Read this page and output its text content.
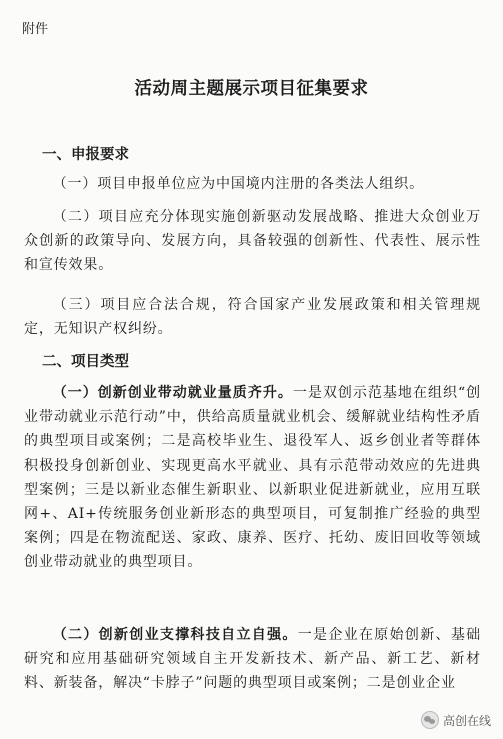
附件
活动周主题展示项目征集要求
一、申报要求
（一）项目申报单位应为中国境内注册的各类法人组织。
（二）项目应充分体现实施创新驱动发展战略、推进大众创业万众创新的政策导向、发展方向，具备较强的创新性、代表性、展示性和宣传效果。
（三）项目应合法合规，符合国家产业发展政策和相关管理规定，无知识产权纠纷。
二、项目类型
（一）创新创业带动就业量质齐升。一是双创示范基地在组织“创业带动就业示范行动”中，供给高质量就业机会、缓解就业结构性矛盾的典型项目或案例；二是高校毕业生、退役军人、返乡创业者等群体积极投身创新创业、实现更高水平就业、具有示范带动效应的先进典型案例；三是以新业态催生新职业、以新职业促进新就业，应用互联网+、AI+传统服务创业新形态的典型项目，可复制推广经验的典型案例；四是在物流配送、家政、康养、医疗、托幼、废旧回收等领域创业带动就业的典型项目。
（二）创新创业支撑科技自立自强。一是企业在原始创新、基础研究和应用基础研究领域自主开发新技术、新产品、新工艺、新材料、新装备，解决“卡脖子”问题的典型项目或案例；二是创业企业
高创在线
